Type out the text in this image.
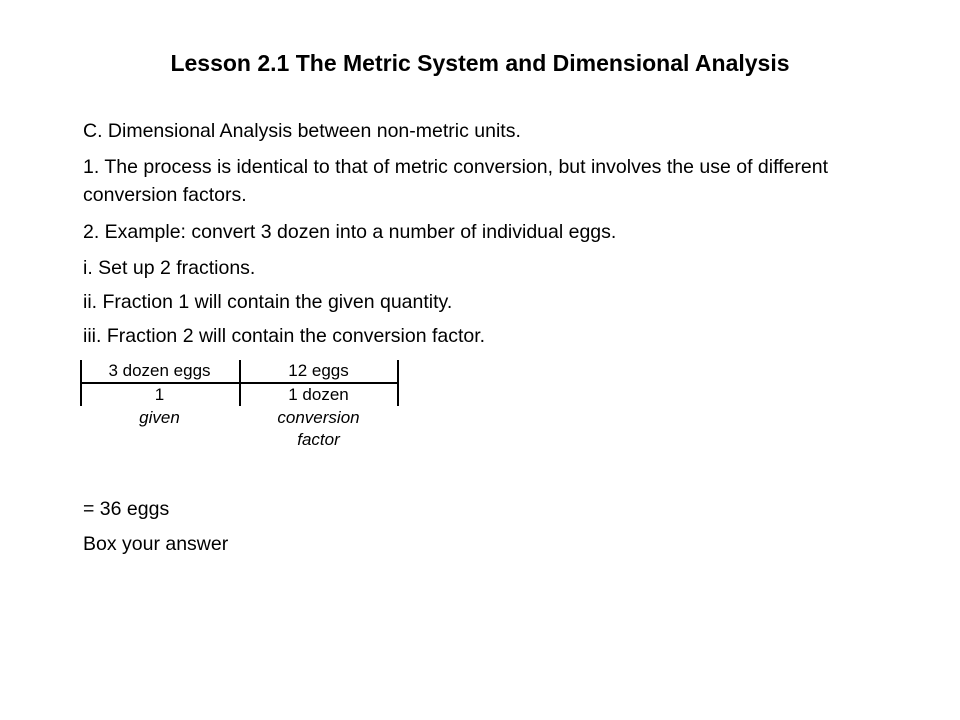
Lesson 2.1 The Metric System and Dimensional Analysis
C. Dimensional Analysis between non-metric units.
1. The process is identical to that of metric conversion, but involves the use of different conversion factors.
2. Example: convert 3 dozen into a number of individual eggs.
i. Set up 2 fractions.
ii. Fraction 1 will contain the given quantity.
iii. Fraction 2 will contain the conversion factor.
3 dozen eggs
1
given
12 eggs
1 dozen
conversion
factor
= 36 eggs
Box your answer
